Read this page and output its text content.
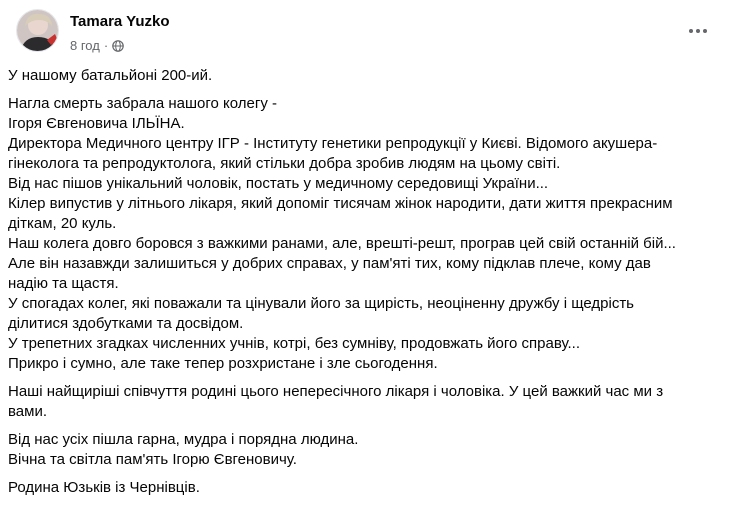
Tamara Yuzko
8 год ·
У нашому батальйоні 200-ий.
Нагла смерть забрала нашого колегу -
Ігоря Євгеновича ІЛЬЇНА.
Директора Медичного центру ІГР - Інституту генетики репродукції у Києві. Відомого акушера-
гінеколога та репродуктолога, який стільки добра зробив людям на цьому світі.
Від нас пішов унікальний чоловік, постать у медичному середовищі України...
Кілер випустив у літнього лікаря, який допоміг тисячам жінок народити, дати життя прекрасним
діткам, 20 куль.
Наш колега довго боровся з важкими ранами, але, врешті-решт, програв цей свій останній бій...
Але він назавжди залишиться у добрих справах, у пам'яті тих, кому підклав плече, кому дав
надію та щастя.
У спогадах колег, які поважали та цінували його за щирість, неоціненну дружбу і щедрість
ділитися здобутками та досвідом.
У трепетних згадках численних учнів, котрі, без сумніву, продовжать його справу...
Прикро і сумно, але таке тепер розхристане і зле сьогодення.
Наші найщиріші співчуття родині цього непересічного лікаря і чоловіка. У цей важкий час ми з
вами.
Від нас усіх пішла гарна, мудра і порядна людина.
Вічна та світла пам'ять Ігорю Євгеновичу.
Родина Юзьків із Чернівців.
